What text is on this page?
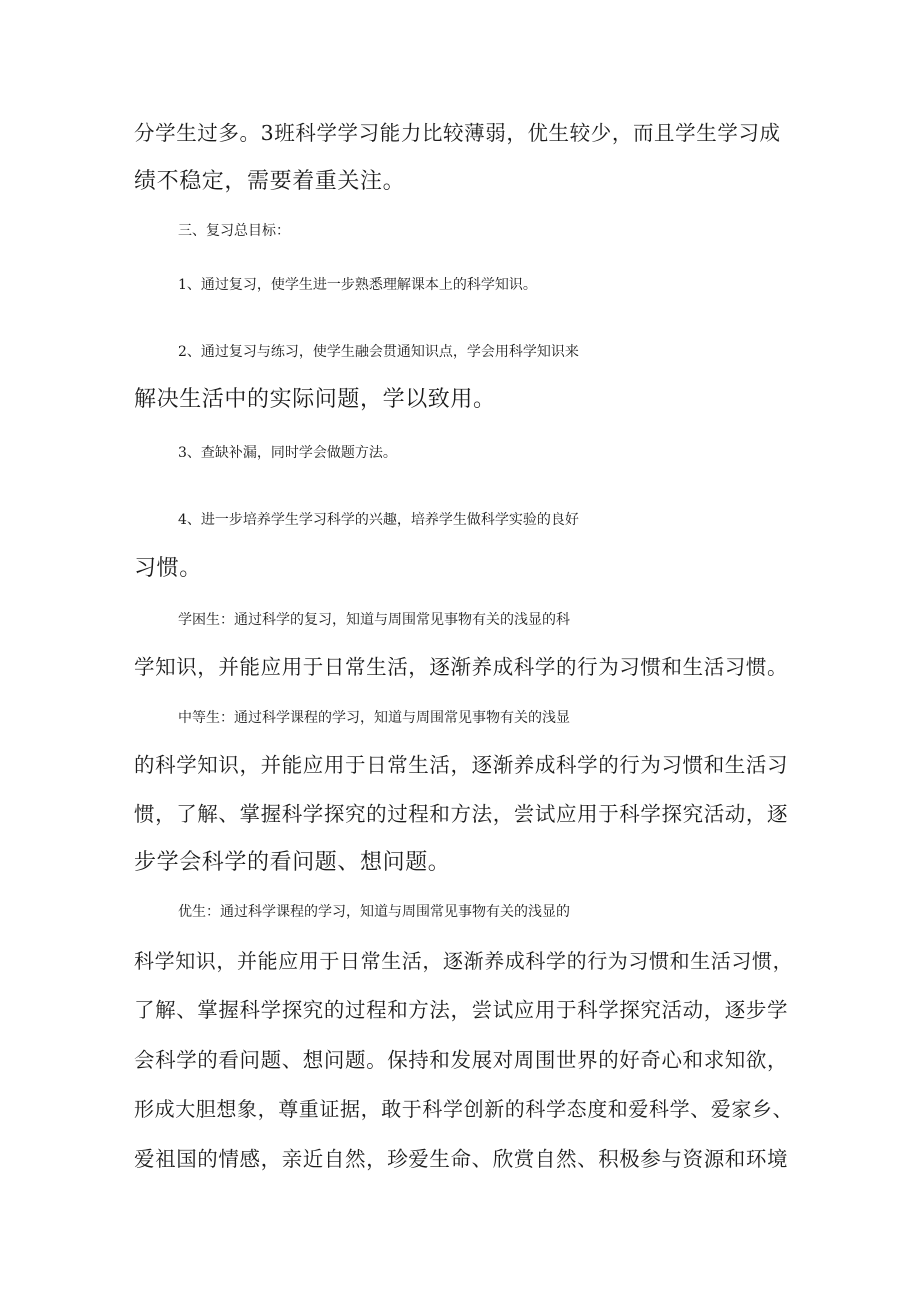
分学生过多。3班科学学习能力比较薄弱，优生较少，而且学生学习成
绩不稳定，需要着重关注。
三、复习总目标：
1、通过复习，使学生进一步熟悉理解课本上的科学知识。
2、通过复习与练习，使学生融会贯通知识点，学会用科学知识来
解决生活中的实际问题，学以致用。
3、查缺补漏，同时学会做题方法。
4、进一步培养学生学习科学的兴趣，培养学生做科学实验的良好
习惯。
学困生：通过科学的复习，知道与周围常见事物有关的浅显的科
学知识，并能应用于日常生活，逐渐养成科学的行为习惯和生活习惯。
中等生：通过科学课程的学习，知道与周围常见事物有关的浅显
的科学知识，并能应用于日常生活，逐渐养成科学的行为习惯和生活习
惯，了解、掌握科学探究的过程和方法，尝试应用于科学探究活动，逐
步学会科学的看问题、想问题。
优生：通过科学课程的学习，知道与周围常见事物有关的浅显的
科学知识，并能应用于日常生活，逐渐养成科学的行为习惯和生活习惯，
了解、掌握科学探究的过程和方法，尝试应用于科学探究活动，逐步学
会科学的看问题、想问题。保持和发展对周围世界的好奇心和求知欲，
形成大胆想象，尊重证据，敢于科学创新的科学态度和爱科学、爱家乡、
爱祖国的情感，亲近自然，珍爱生命、欣赏自然、积极参与资源和环境
